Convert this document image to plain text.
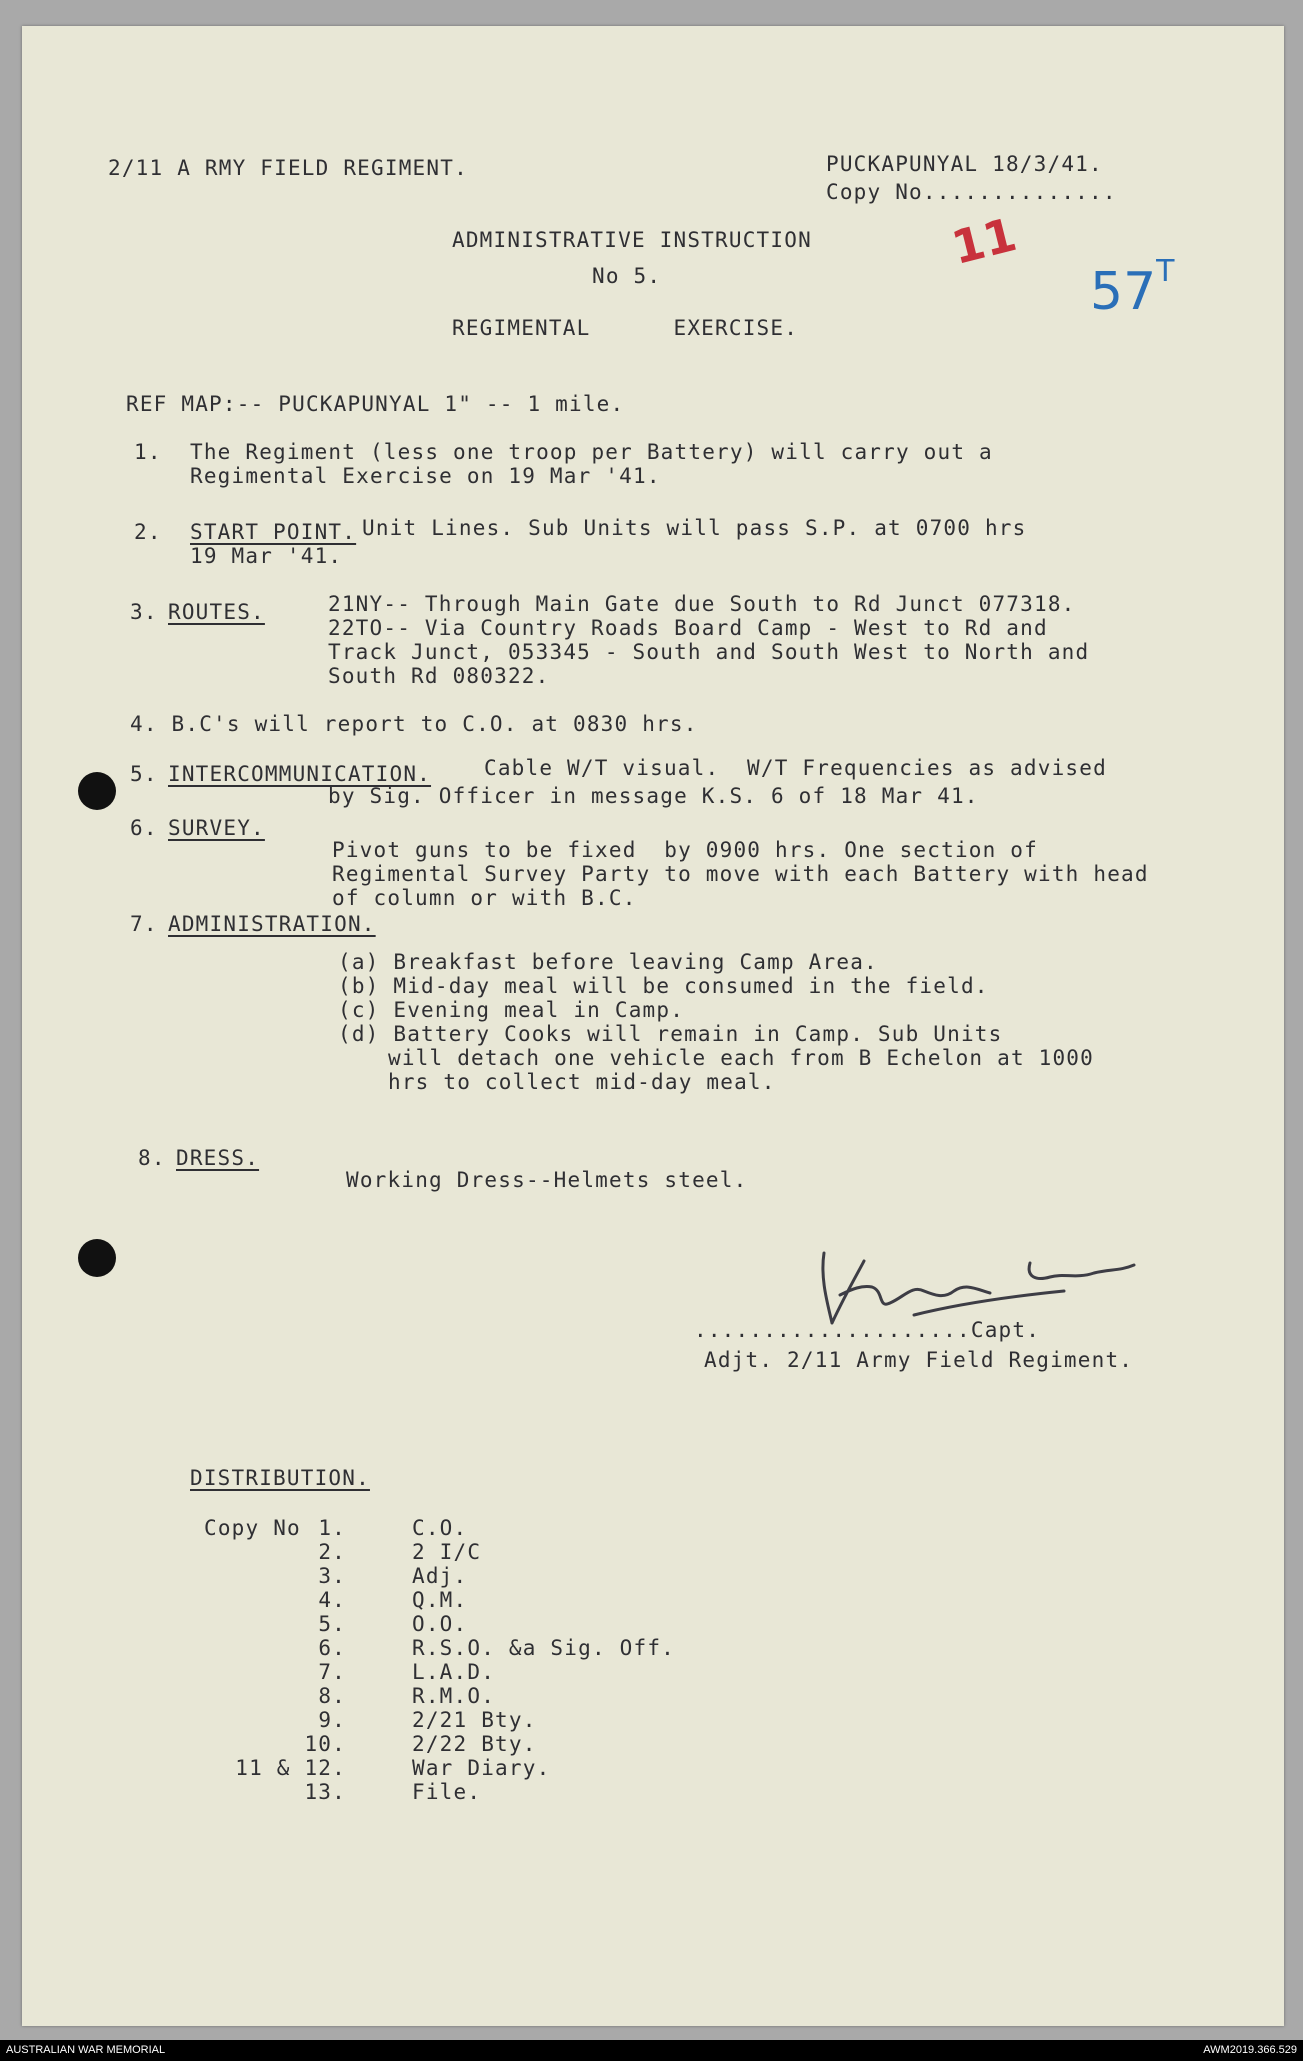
2/11 A RMY FIELD REGIMENT.	PUCKAPUNYAL 18/3/41.
Copy No..............
11
$57^T$
ADMINISTRATIVE INSTRUCTION
No 5.
REGIMENTAL      EXERCISE.
REF MAP:-- PUCKAPUNYAL 1" -- 1 mile.
1. The Regiment (less one troop per Battery) will carry out a
Regimental Exercise on 19 Mar '41.
2. START POINT. Unit Lines. Sub Units will pass S.P. at 0700 hrs
19 Mar '41.
3. ROUTES.	21NY-- Through Main Gate due South to Rd Junct 077318.
22TO-- Via Country Roads Board Camp - West to Rd and
Track Junct, 053345 - South and South West to North and
South Rd 080322.
4. B.C's will report to C.O. at 0830 hrs.
5. INTERCOMMUNICATION.	Cable W/T visual.  W/T Frequencies as advised
by Sig. Officer in message K.S. 6 of 18 Mar 41.
6. SURVEY.
Pivot guns to be fixed  by 0900 hrs. One section of
Regimental Survey Party to move with each Battery with head
of column or with B.C.
7. ADMINISTRATION.
(a) Breakfast before leaving Camp Area.
(b) Mid-day meal will be consumed in the field.
(c) Evening meal in Camp.
(d) Battery Cooks will remain in Camp. Sub Units
will detach one vehicle each from B Echelon at 1000
hrs to collect mid-day meal.
8. DRESS.
Working Dress--Helmets steel.
....................Capt.
Adjt. 2/11 Army Field Regiment.
DISTRIBUTION.
Copy No 1.	C.O.
2.	2 I/C
3.	Adj.
4.	Q.M.
5.	O.O.
6.	R.S.O. &a Sig. Off.
7.	L.A.D.
8.	R.M.O.
9.	2/21 Bty.
10.	2/22 Bty.
11 & 12.	War Diary.
13.	File.
AUSTRALIAN WAR MEMORIAL	AWM2019.366.529
